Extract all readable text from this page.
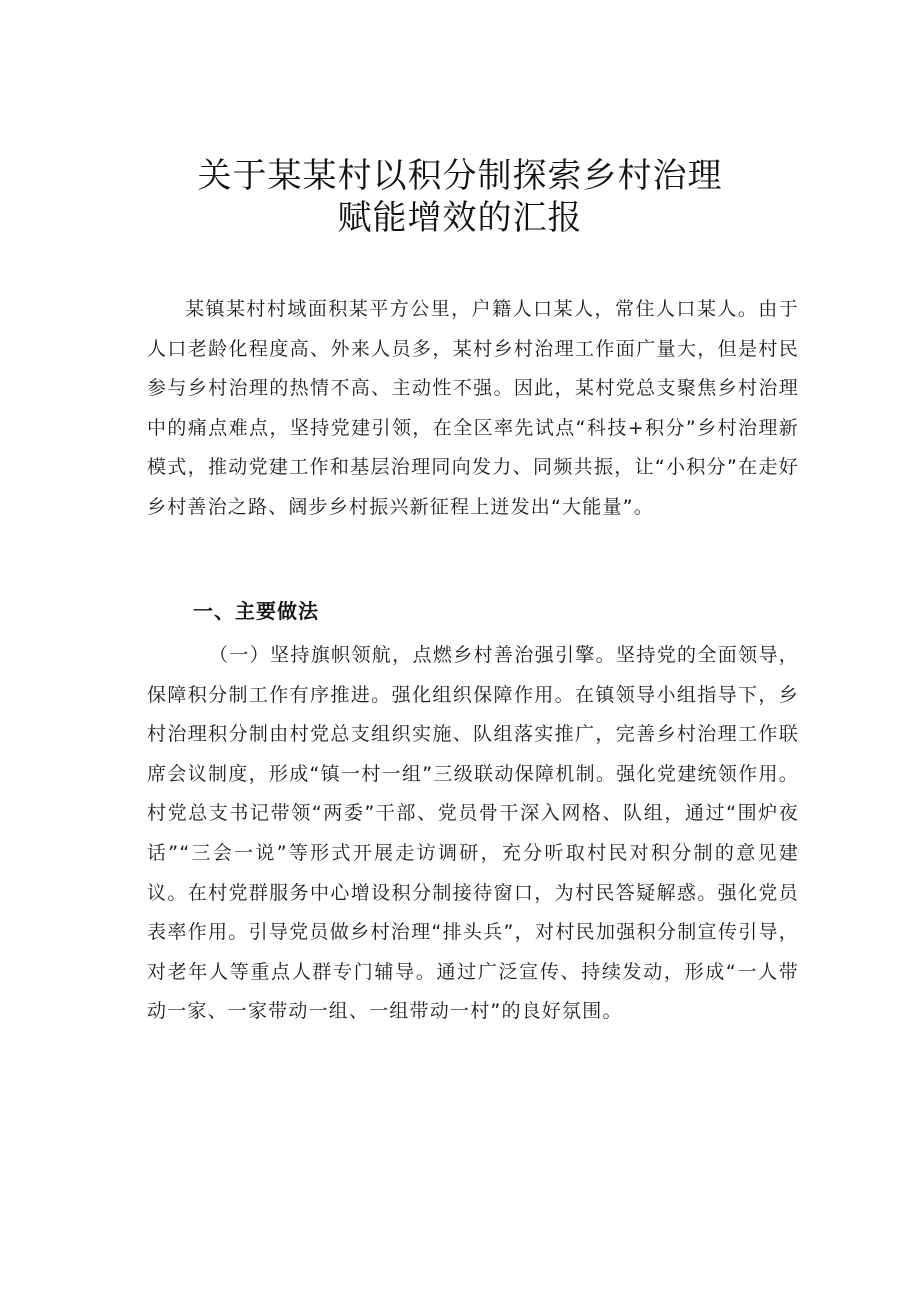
关于某某村以积分制探索乡村治理
赋能增效的汇报

某镇某村村域面积某平方公里，户籍人口某人，常住人口某人。由于人口老龄化程度高、外来人员多，某村乡村治理工作面广量大，但是村民参与乡村治理的热情不高、主动性不强。因此，某村党总支聚焦乡村治理中的痛点难点，坚持党建引领，在全区率先试点“科技+积分”乡村治理新模式，推动党建工作和基层治理同向发力、同频共振，让“小积分”在走好乡村善治之路、阔步乡村振兴新征程上迸发出“大能量”。

一、主要做法

（一）坚持旗帜领航，点燃乡村善治强引擎。坚持党的全面领导，保障积分制工作有序推进。强化组织保障作用。在镇领导小组指导下，乡村治理积分制由村党总支组织实施、队组落实推广，完善乡村治理工作联席会议制度，形成“镇一村一组”三级联动保障机制。强化党建统领作用。村党总支书记带领“两委”干部、党员骨干深入网格、队组，通过“围炉夜话”“三会一说”等形式开展走访调研，充分听取村民对积分制的意见建议。在村党群服务中心增设积分制接待窗口，为村民答疑解惑。强化党员表率作用。引导党员做乡村治理“排头兵”，对村民加强积分制宣传引导，对老年人等重点人群专门辅导。通过广泛宣传、持续发动，形成“一人带动一家、一家带动一组、一组带动一村”的良好氛围。
